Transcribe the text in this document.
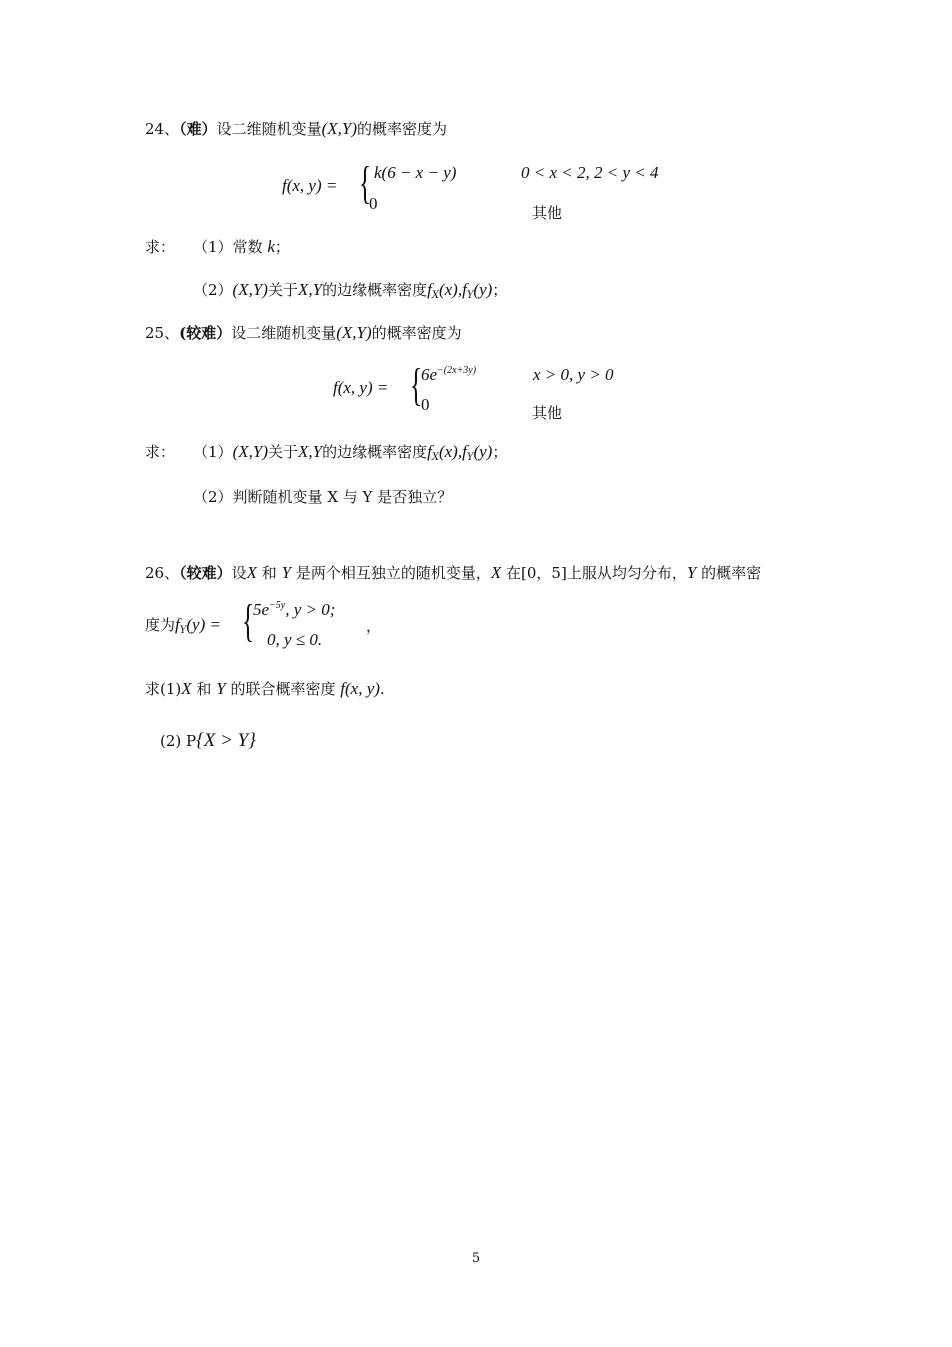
24、（难）设二维随机变量(X,Y)的概率密度为
f(x, y) = { k(6 − x − y)	0 < x < 2, 2 < y < 4
0	其他
求： （1）常数 k；
（2）(X,Y)关于X,Y的边缘概率密度$f_X(x),f_Y(y)$；
25、(较难）设二维随机变量(X,Y)的概率密度为
f(x, y) = {
$6e^{-(2x+3y)}$	x > 0, y > 0
0	其他
求： （1）(X,Y)关于X,Y的边缘概率密度$f_X(x),f_Y(y)$；
（2）判断随机变量 X 与 Y 是否独立？
26、（较难）设X 和 Y 是两个相互独立的随机变量，X 在[0，5]上服从均匀分布，Y 的概率密
度为$f_Y(y)$ = {
$5e^{-5y}$, y > 0;
0, y ≤ 0.
，
求(1)X 和 Y 的联合概率密度 f(x, y).
(2) P{X > Y}
5
